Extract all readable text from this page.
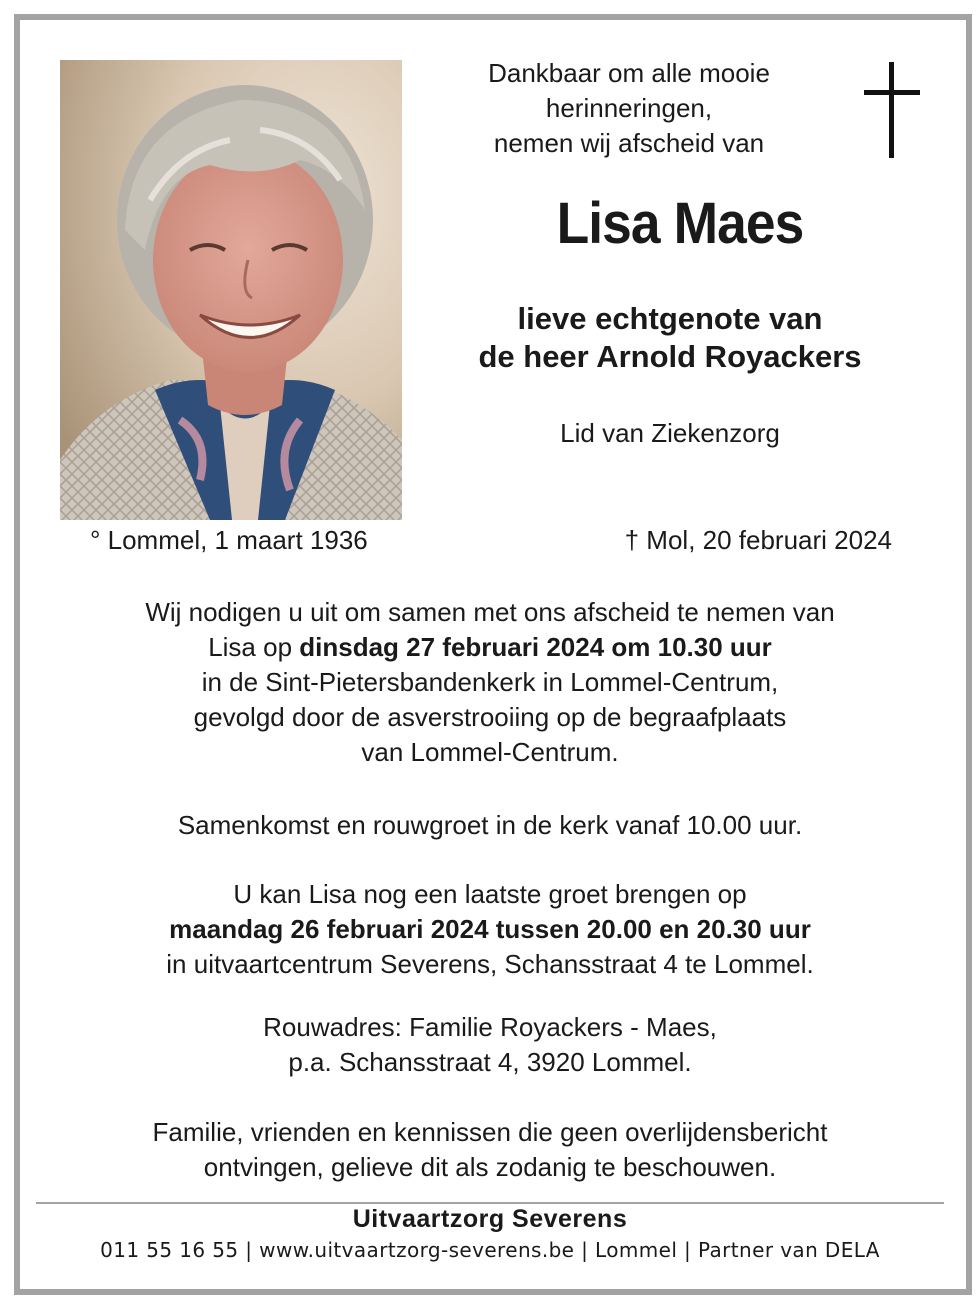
Dankbaar om alle mooie
herinneringen,
nemen wij afscheid van
Lisa Maes
lieve echtgenote van
de heer Arnold Royackers
Lid van Ziekenzorg
° Lommel, 1 maart 1936	† Mol, 20 februari 2024
Wij nodigen u uit om samen met ons afscheid te nemen van
Lisa op dinsdag 27 februari 2024 om 10.30 uur
in de Sint-Pietersbandenkerk in Lommel-Centrum,
gevolgd door de asverstrooiing op de begraafplaats
van Lommel-Centrum.
Samenkomst en rouwgroet in de kerk vanaf 10.00 uur.
U kan Lisa nog een laatste groet brengen op
maandag 26 februari 2024 tussen 20.00 en 20.30 uur
in uitvaartcentrum Severens, Schansstraat 4 te Lommel.
Rouwadres: Familie Royackers - Maes,
p.a. Schansstraat 4, 3920 Lommel.
Familie, vrienden en kennissen die geen overlijdensbericht
ontvingen, gelieve dit als zodanig te beschouwen.
Uitvaartzorg Severens
011 55 16 55 | www.uitvaartzorg-severens.be | Lommel | Partner van DELA
